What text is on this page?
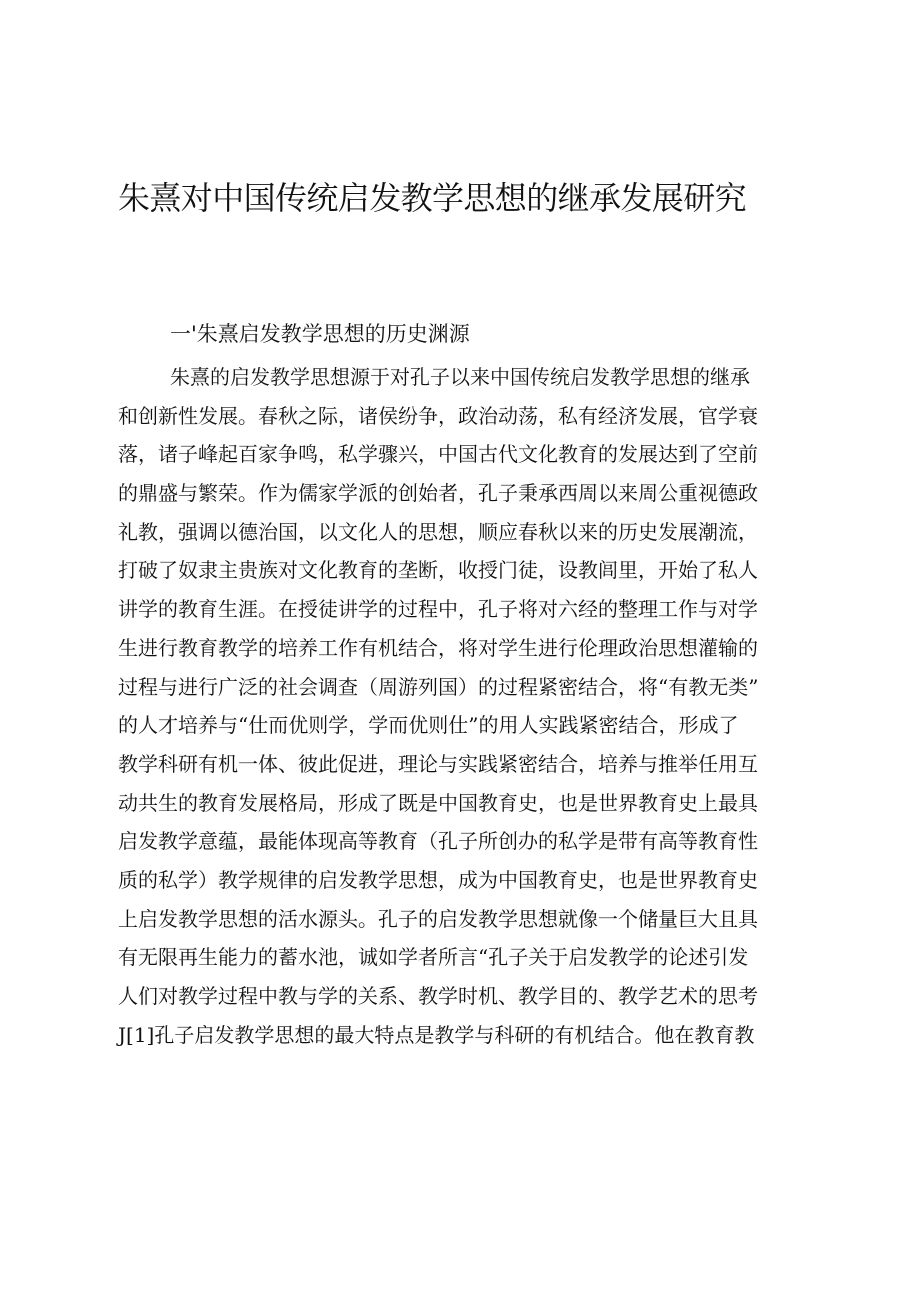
朱熹对中国传统启发教学思想的继承发展研究
一'朱熹启发教学思想的历史渊源
朱熹的启发教学思想源于对孔子以来中国传统启发教学思想的继承
和创新性发展。春秋之际，诸侯纷争，政治动荡，私有经济发展，官学衰
落，诸子峰起百家争鸣，私学骤兴，中国古代文化教育的发展达到了空前
的鼎盛与繁荣。作为儒家学派的创始者，孔子秉承西周以来周公重视德政
礼教，强调以德治国，以文化人的思想，顺应春秋以来的历史发展潮流，
打破了奴隶主贵族对文化教育的垄断，收授门徒，设教闾里，开始了私人
讲学的教育生涯。在授徒讲学的过程中，孔子将对六经的整理工作与对学
生进行教育教学的培养工作有机结合，将对学生进行伦理政治思想灌输的
过程与进行广泛的社会调查（周游列国）的过程紧密结合，将“有教无类”
的人才培养与“仕而优则学，学而优则仕”的用人实践紧密结合，形成了
教学科研有机一体、彼此促进，理论与实践紧密结合，培养与推举任用互
动共生的教育发展格局，形成了既是中国教育史，也是世界教育史上最具
启发教学意蕴，最能体现高等教育（孔子所创办的私学是带有高等教育性
质的私学）教学规律的启发教学思想，成为中国教育史，也是世界教育史
上启发教学思想的活水源头。孔子的启发教学思想就像一个储量巨大且具
有无限再生能力的蓄水池，诚如学者所言“孔子关于启发教学的论述引发
人们对教学过程中教与学的关系、教学时机、教学目的、教学艺术的思考
J[1]孔子启发教学思想的最大特点是教学与科研的有机结合。他在教育教
